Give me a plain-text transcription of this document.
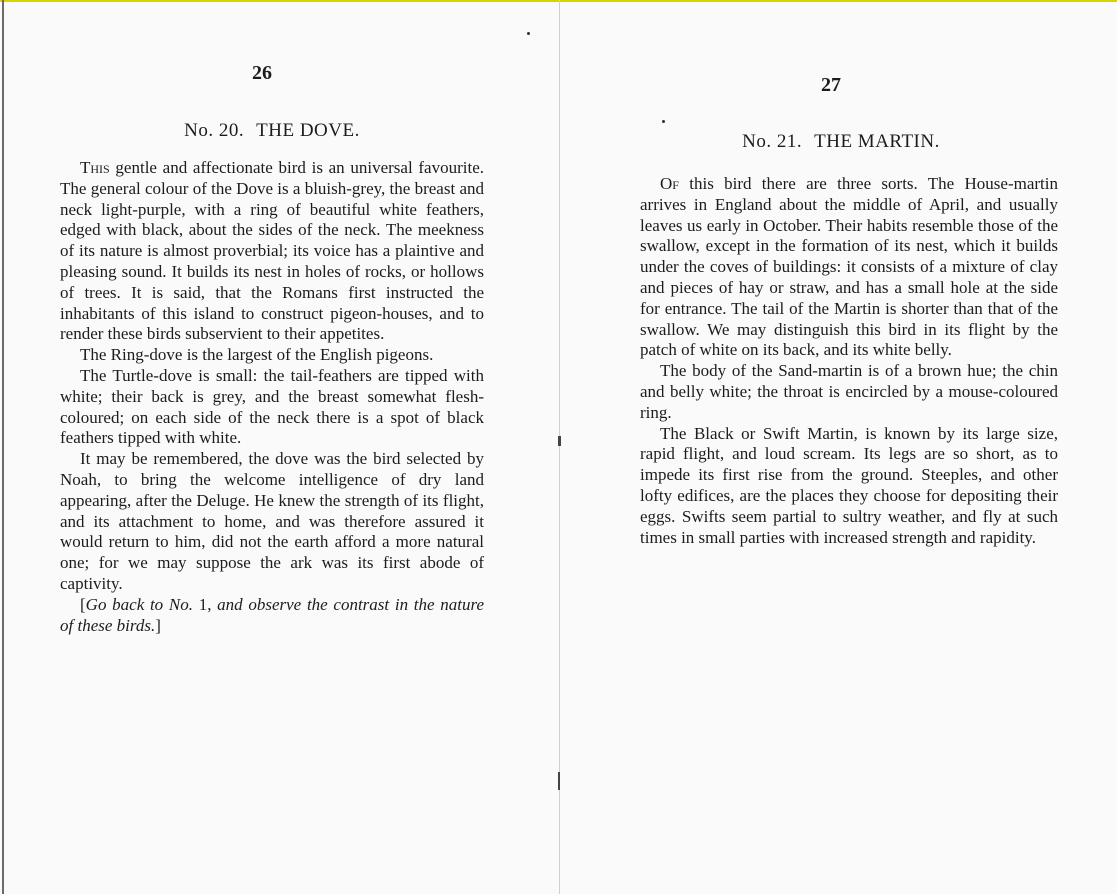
26
No. 20. THE DOVE.

This gentle and affectionate bird is an universal favourite. The general colour of the Dove is a bluish-grey, the breast and neck light-purple, with a ring of beautiful white feathers, edged with black, about the sides of the neck. The meekness of its nature is almost proverbial; its voice has a plaintive and pleasing sound. It builds its nest in holes of rocks, or hollows of trees. It is said, that the Romans first instructed the inhabitants of this island to construct pigeon-houses, and to render these birds subservient to their appetites.

The Ring-dove is the largest of the English pigeons.

The Turtle-dove is small: the tail-feathers are tipped with white; their back is grey, and the breast somewhat flesh-coloured; on each side of the neck there is a spot of black feathers tipped with white.

It may be remembered, the dove was the bird selected by Noah, to bring the welcome intelligence of dry land appearing, after the Deluge. He knew the strength of its flight, and its attachment to home, and was therefore assured it would return to him, did not the earth afford a more natural one; for we may suppose the ark was its first abode of captivity.

[Go back to No. 1, and observe the contrast in the nature of these birds.]

27
No. 21. THE MARTIN.

Of this bird there are three sorts. The House-martin arrives in England about the middle of April, and usually leaves us early in October. Their habits resemble those of the swallow, except in the formation of its nest, which it builds under the coves of buildings: it consists of a mixture of clay and pieces of hay or straw, and has a small hole at the side for entrance. The tail of the Martin is shorter than that of the swallow. We may distinguish this bird in its flight by the patch of white on its back, and its white belly.

The body of the Sand-martin is of a brown hue; the chin and belly white; the throat is encircled by a mouse-coloured ring.

The Black or Swift Martin, is known by its large size, rapid flight, and loud scream. Its legs are so short, as to impede its first rise from the ground. Steeples, and other lofty edifices, are the places they choose for depositing their eggs. Swifts seem partial to sultry weather, and fly at such times in small parties with increased strength and rapidity.
